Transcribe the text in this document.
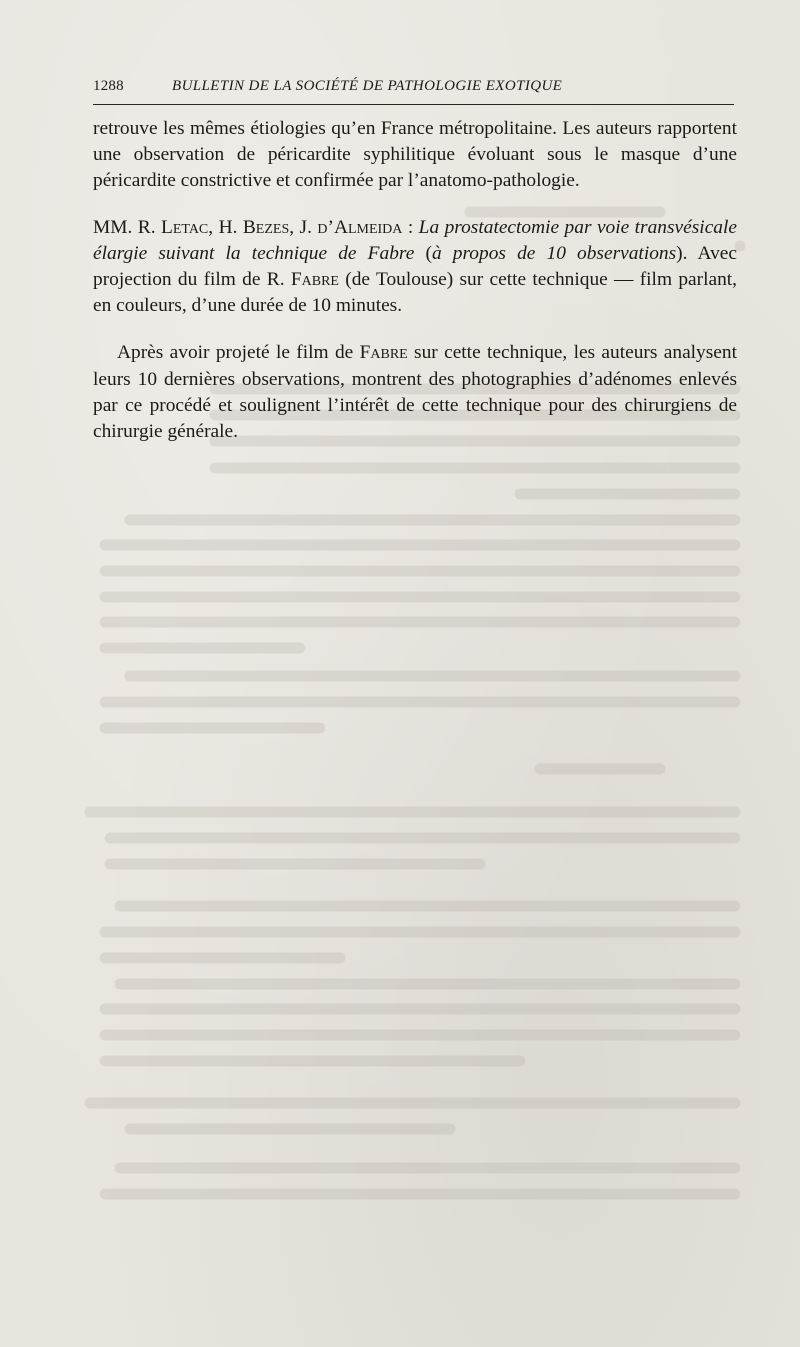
1288	BULLETIN DE LA SOCIÉTÉ DE PATHOLOGIE EXOTIQUE

retrouve les mêmes étiologies qu’en France métropolitaine. Les auteurs rapportent une observation de péricardite syphilitique évoluant sous le masque d’une péricardite constrictive et confirmée par l’anatomo-pathologie.

MM. R. Letac, H. Bezes, J. d’Almeida : La prostatectomie par voie transvésicale élargie suivant la technique de Fabre (à propos de 10 observations). Avec projection du film de R. Fabre (de Toulouse) sur cette technique — film parlant, en couleurs, d’une durée de 10 minutes.

Après avoir projeté le film de Fabre sur cette technique, les auteurs analysent leurs 10 dernières observations, montrent des photographies d’adénomes enlevés par ce procédé et soulignent l’intérêt de cette technique pour des chirurgiens de chirurgie générale.
